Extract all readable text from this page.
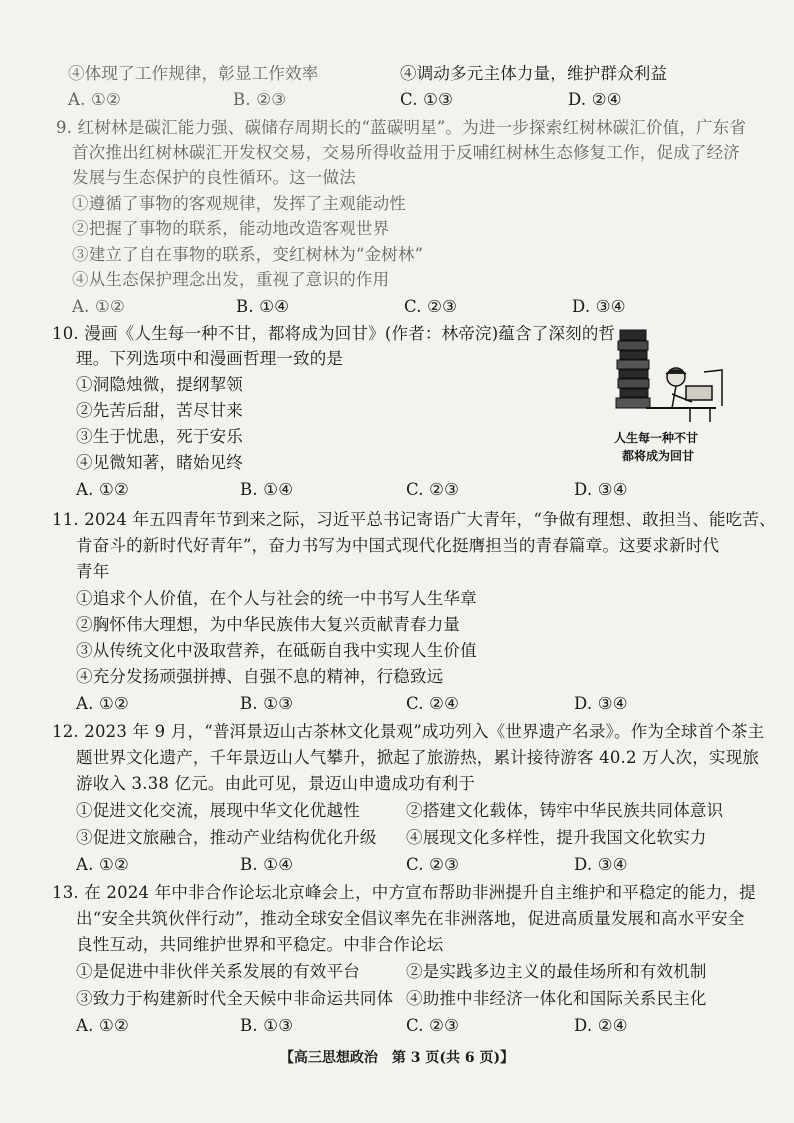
④体现了工作规律，彰显工作效率	④调动多元主体力量，维护群众利益
A. ①②	B. ②③	C. ①③	D. ②④
9. 红树林是碳汇能力强、碳储存周期长的“蓝碳明星”。为进一步探索红树林碳汇价值，广东省
首次推出红树林碳汇开发权交易，交易所得收益用于反哺红树林生态修复工作，促成了经济
发展与生态保护的良性循环。这一做法
①遵循了事物的客观规律，发挥了主观能动性
②把握了事物的联系，能动地改造客观世界
③建立了自在事物的联系，变红树林为“金树林”
④从生态保护理念出发，重视了意识的作用
A. ①②	B. ①④	C. ②③	D. ③④
10. 漫画《人生每一种不甘，都将成为回甘》(作者：林帝浣)蕴含了深刻的哲
理。下列选项中和漫画哲理一致的是
①洞隐烛微，提纲挈领
②先苦后甜，苦尽甘来
③生于忧患，死于安乐
④见微知著，睹始见终
A. ①②	B. ①④	C. ②③	D. ③④
人生每一种不甘
都将成为回甘
11. 2024 年五四青年节到来之际，习近平总书记寄语广大青年，“争做有理想、敢担当、能吃苦、
肯奋斗的新时代好青年”，奋力书写为中国式现代化挺膺担当的青春篇章。这要求新时代
青年
①追求个人价值，在个人与社会的统一中书写人生华章
②胸怀伟大理想，为中华民族伟大复兴贡献青春力量
③从传统文化中汲取营养，在砥砺自我中实现人生价值
④充分发扬顽强拼搏、自强不息的精神，行稳致远
A. ①②	B. ①③	C. ②④	D. ③④
12. 2023 年 9 月，“普洱景迈山古茶林文化景观”成功列入《世界遗产名录》。作为全球首个茶主
题世界文化遗产，千年景迈山人气攀升，掀起了旅游热，累计接待游客 40.2 万人次，实现旅
游收入 3.38 亿元。由此可见，景迈山申遗成功有利于
①促进文化交流，展现中华文化优越性	②搭建文化载体，铸牢中华民族共同体意识
③促进文旅融合，推动产业结构优化升级 ④展现文化多样性，提升我国文化软实力
A. ①②	B. ①④	C. ②③	D. ③④
13. 在 2024 年中非合作论坛北京峰会上，中方宣布帮助非洲提升自主维护和平稳定的能力，提
出“安全共筑伙伴行动”，推动全球安全倡议率先在非洲落地，促进高质量发展和高水平安全
良性互动，共同维护世界和平稳定。中非合作论坛
①是促进中非伙伴关系发展的有效平台	②是实践多边主义的最佳场所和有效机制
③致力于构建新时代全天候中非命运共同体 ④助推中非经济一体化和国际关系民主化
A. ①②	B. ①③	C. ②③	D. ②④
【高三思想政治　第 3 页(共 6 页)】
